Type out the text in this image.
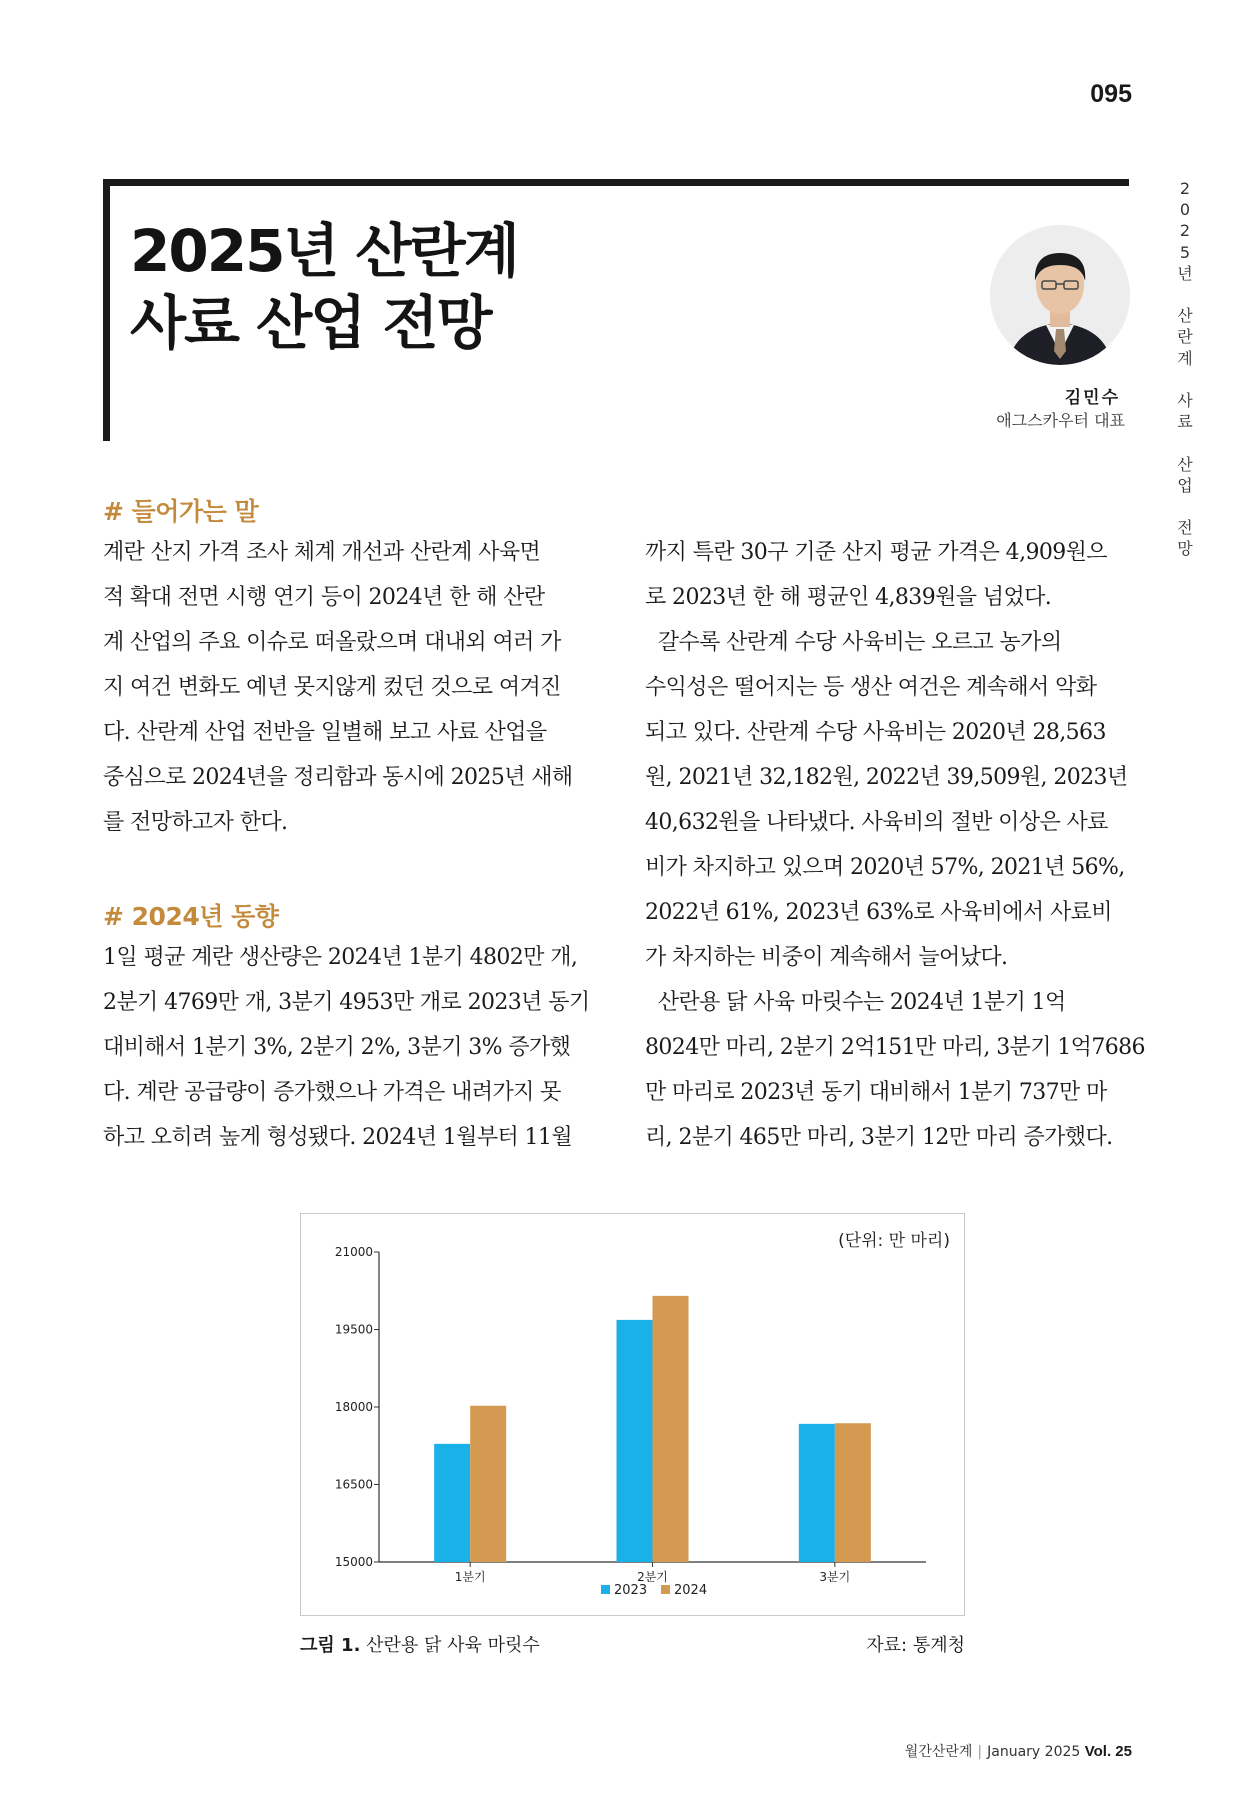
095
2025년 산란계
사료 산업 전망
2
0
2
5
년

산
란
계

사
료

산
업

전
망
김민수
애그스카우터 대표
# 들어가는 말
계란 산지 가격 조사 체계 개선과 산란계 사육면
적 확대 전면 시행 연기 등이 2024년 한 해 산란
계 산업의 주요 이슈로 떠올랐으며 대내외 여러 가
지 여건 변화도 예년 못지않게 컸던 것으로 여겨진
다. 산란계 산업 전반을 일별해 보고 사료 산업을
중심으로 2024년을 정리함과 동시에 2025년 새해
를 전망하고자 한다.
# 2024년 동향
1일 평균 계란 생산량은 2024년 1분기 4802만 개,
2분기 4769만 개, 3분기 4953만 개로 2023년 동기
대비해서 1분기 3%, 2분기 2%, 3분기 3% 증가했
다. 계란 공급량이 증가했으나 가격은 내려가지 못
하고 오히려 높게 형성됐다. 2024년 1월부터 11월
까지 특란 30구 기준 산지 평균 가격은 4,909원으
로 2023년 한 해 평균인 4,839원을 넘었다.
갈수록 산란계 수당 사육비는 오르고 농가의
수익성은 떨어지는 등 생산 여건은 계속해서 악화
되고 있다. 산란계 수당 사육비는 2020년 28,563
원, 2021년 32,182원, 2022년 39,509원, 2023년
40,632원을 나타냈다. 사육비의 절반 이상은 사료
비가 차지하고 있으며 2020년 57%, 2021년 56%,
2022년 61%, 2023년 63%로 사육비에서 사료비
가 차지하는 비중이 계속해서 늘어났다.
산란용 닭 사육 마릿수는 2024년 1분기 1억
8024만 마리, 2분기 2억151만 마리, 3분기 1억7686
만 마리로 2023년 동기 대비해서 1분기 737만 마
리, 2분기 465만 마리, 3분기 12만 마리 증가했다.
(단위: 만 마리)
15000
16500
18000
19500
21000
1분기	2분기	3분기
2023 2024
그림 1. 산란용 닭 사육 마릿수	자료: 통계청
월간산란계 | January 2025 Vol. 25
